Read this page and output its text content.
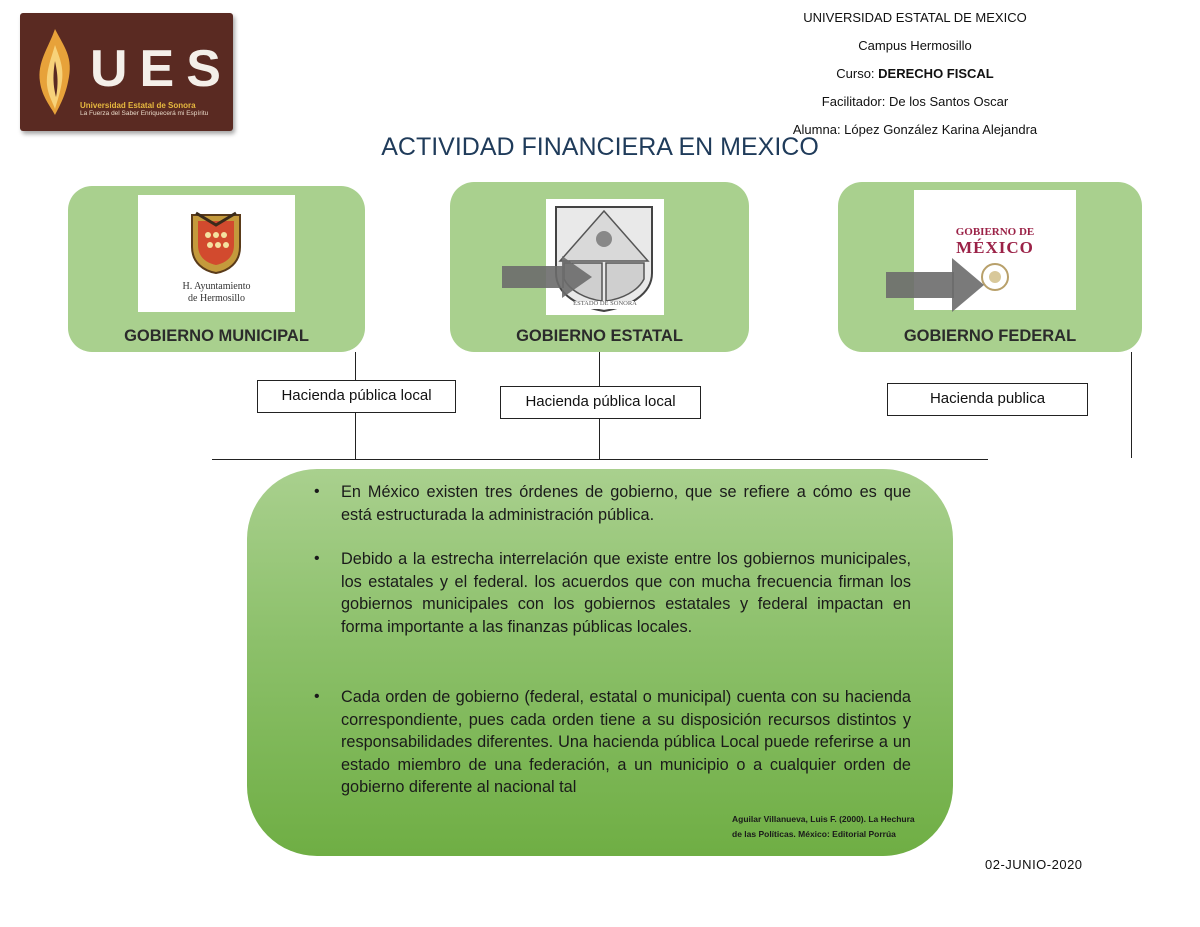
UES
Universidad Estatal de Sonora
La Fuerza del Saber Enriquecerá mi Espíritu
UNIVERSIDAD ESTATAL DE MEXICO
Campus Hermosillo
Curso: DERECHO FISCAL
Facilitador: De los Santos Oscar
Alumna: López González Karina Alejandra
ACTIVIDAD FINANCIERA EN MEXICO
H. Ayuntamiento
de Hermosillo
GOBIERNO MUNICIPAL
ESTADO DE SONORA
GOBIERNO ESTATAL
GOBIERNO DE
MÉXICO
GOBIERNO FEDERAL
Hacienda pública local	Hacienda pública local	Hacienda publica
• En México existen tres órdenes de gobierno, que se refiere a cómo es que está estructurada la administración pública.
• Debido a la estrecha interrelación que existe entre los gobiernos municipales, los estatales y el federal. los acuerdos que con mucha frecuencia firman los gobiernos municipales con los gobiernos estatales y federal impactan en forma importante a las finanzas públicas locales.
• Cada orden de gobierno (federal, estatal o municipal) cuenta con su hacienda correspondiente, pues cada orden tiene a su disposición recursos distintos y responsabilidades diferentes. Una hacienda pública Local puede referirse a un estado miembro de una federación, a un municipio o a cualquier orden de gobierno diferente al nacional tal
Aguilar Villanueva, Luis F. (2000). La Hechura de las Políticas. México: Editorial Porrúa
02-JUNIO-2020
